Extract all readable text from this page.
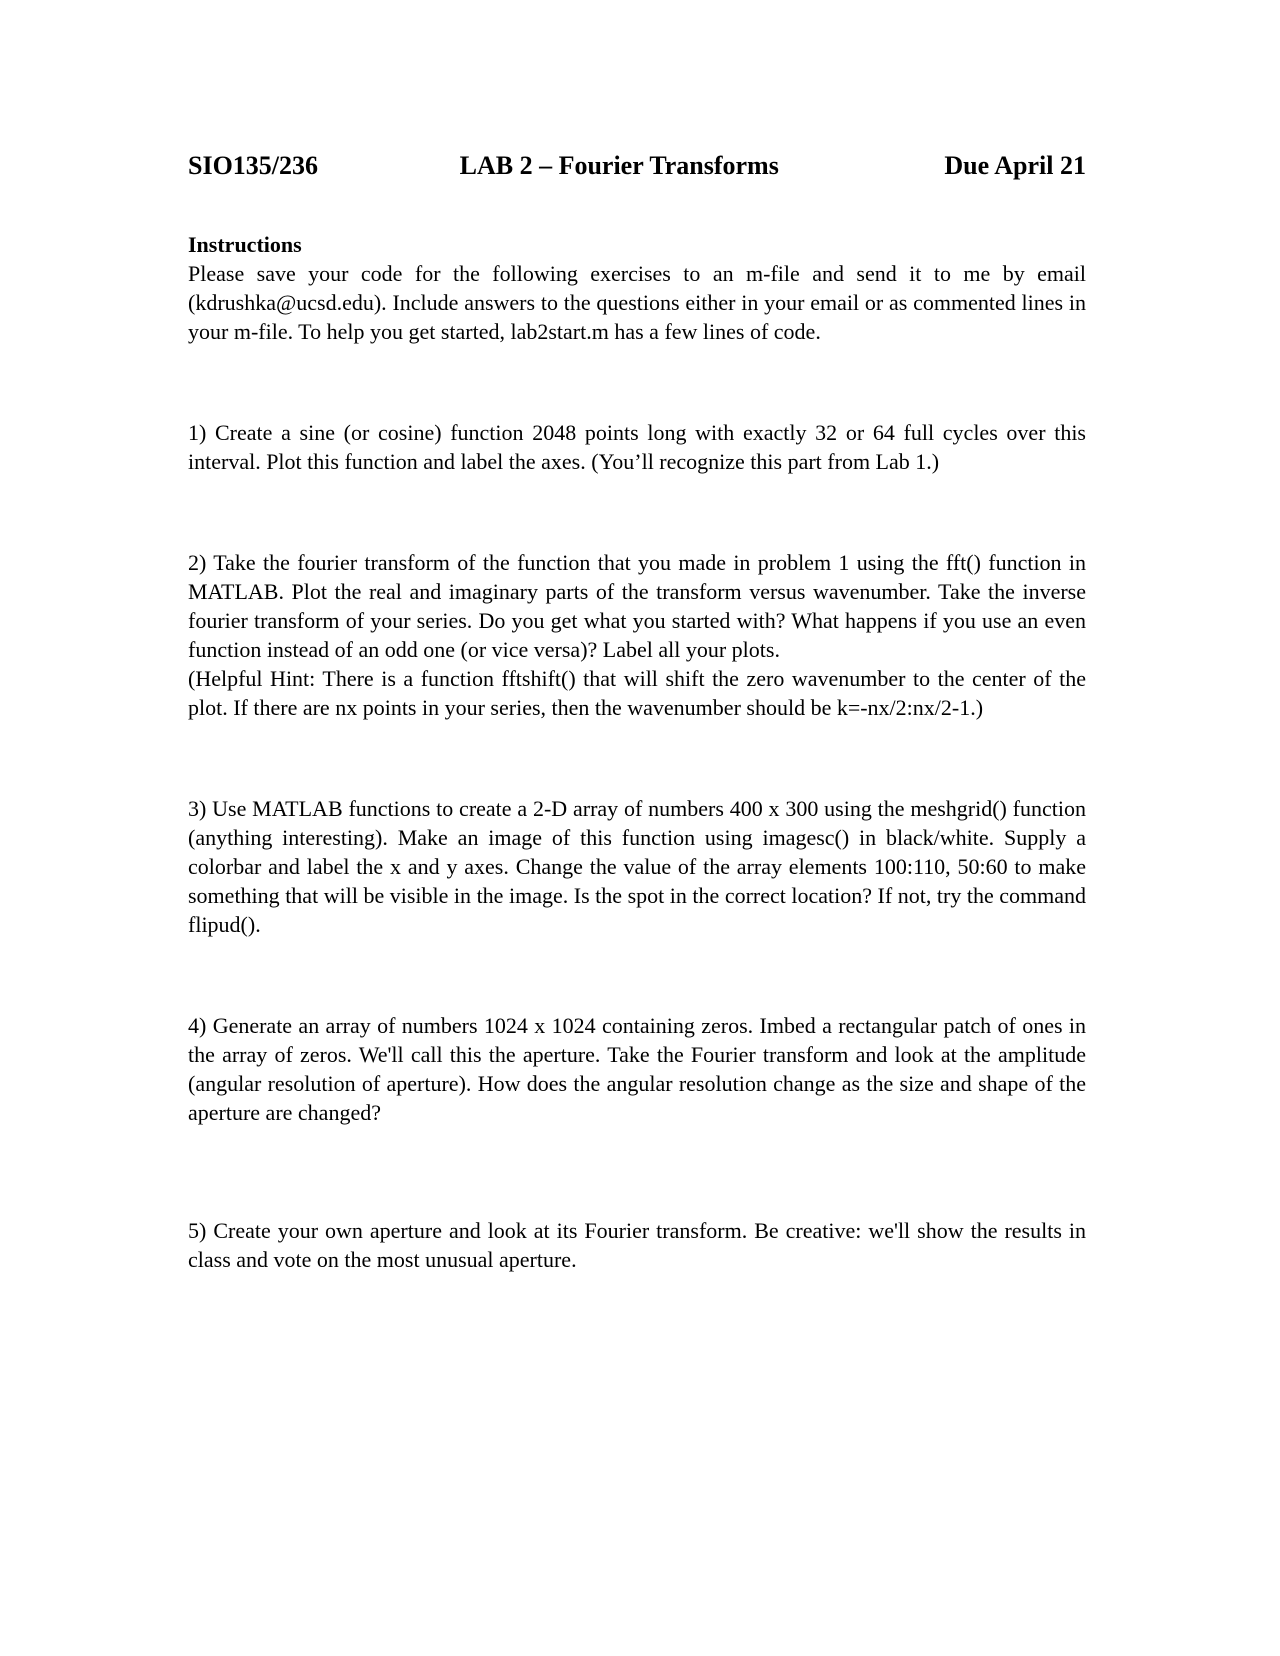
SIO135/236	LAB 2 – Fourier Transforms	Due April 21
Instructions

Please save your code for the following exercises to an m-file and send it to me by email (kdrushka@ucsd.edu). Include answers to the questions either in your email or as commented lines in your m-file. To help you get started, lab2start.m has a few lines of code.

1) Create a sine (or cosine) function 2048 points long with exactly 32 or 64 full cycles over this interval. Plot this function and label the axes. (You’ll recognize this part from Lab 1.)

2) Take the fourier transform of the function that you made in problem 1 using the fft() function in MATLAB. Plot the real and imaginary parts of the transform versus wavenumber. Take the inverse fourier transform of your series. Do you get what you started with? What happens if you use an even function instead of an odd one (or vice versa)? Label all your plots.

(Helpful Hint: There is a function fftshift() that will shift the zero wavenumber to the center of the plot. If there are nx points in your series, then the wavenumber should be k=-nx/2:nx/2-1.)

3) Use MATLAB functions to create a 2-D array of numbers 400 x 300 using the meshgrid() function (anything interesting). Make an image of this function using imagesc() in black/white. Supply a colorbar and label the x and y axes. Change the value of the array elements 100:110, 50:60 to make something that will be visible in the image. Is the spot in the correct location? If not, try the command flipud().

4) Generate an array of numbers 1024 x 1024 containing zeros. Imbed a rectangular patch of ones in the array of zeros. We'll call this the aperture. Take the Fourier transform and look at the amplitude (angular resolution of aperture). How does the angular resolution change as the size and shape of the aperture are changed?

5) Create your own aperture and look at its Fourier transform. Be creative: we'll show the results in class and vote on the most unusual aperture.
